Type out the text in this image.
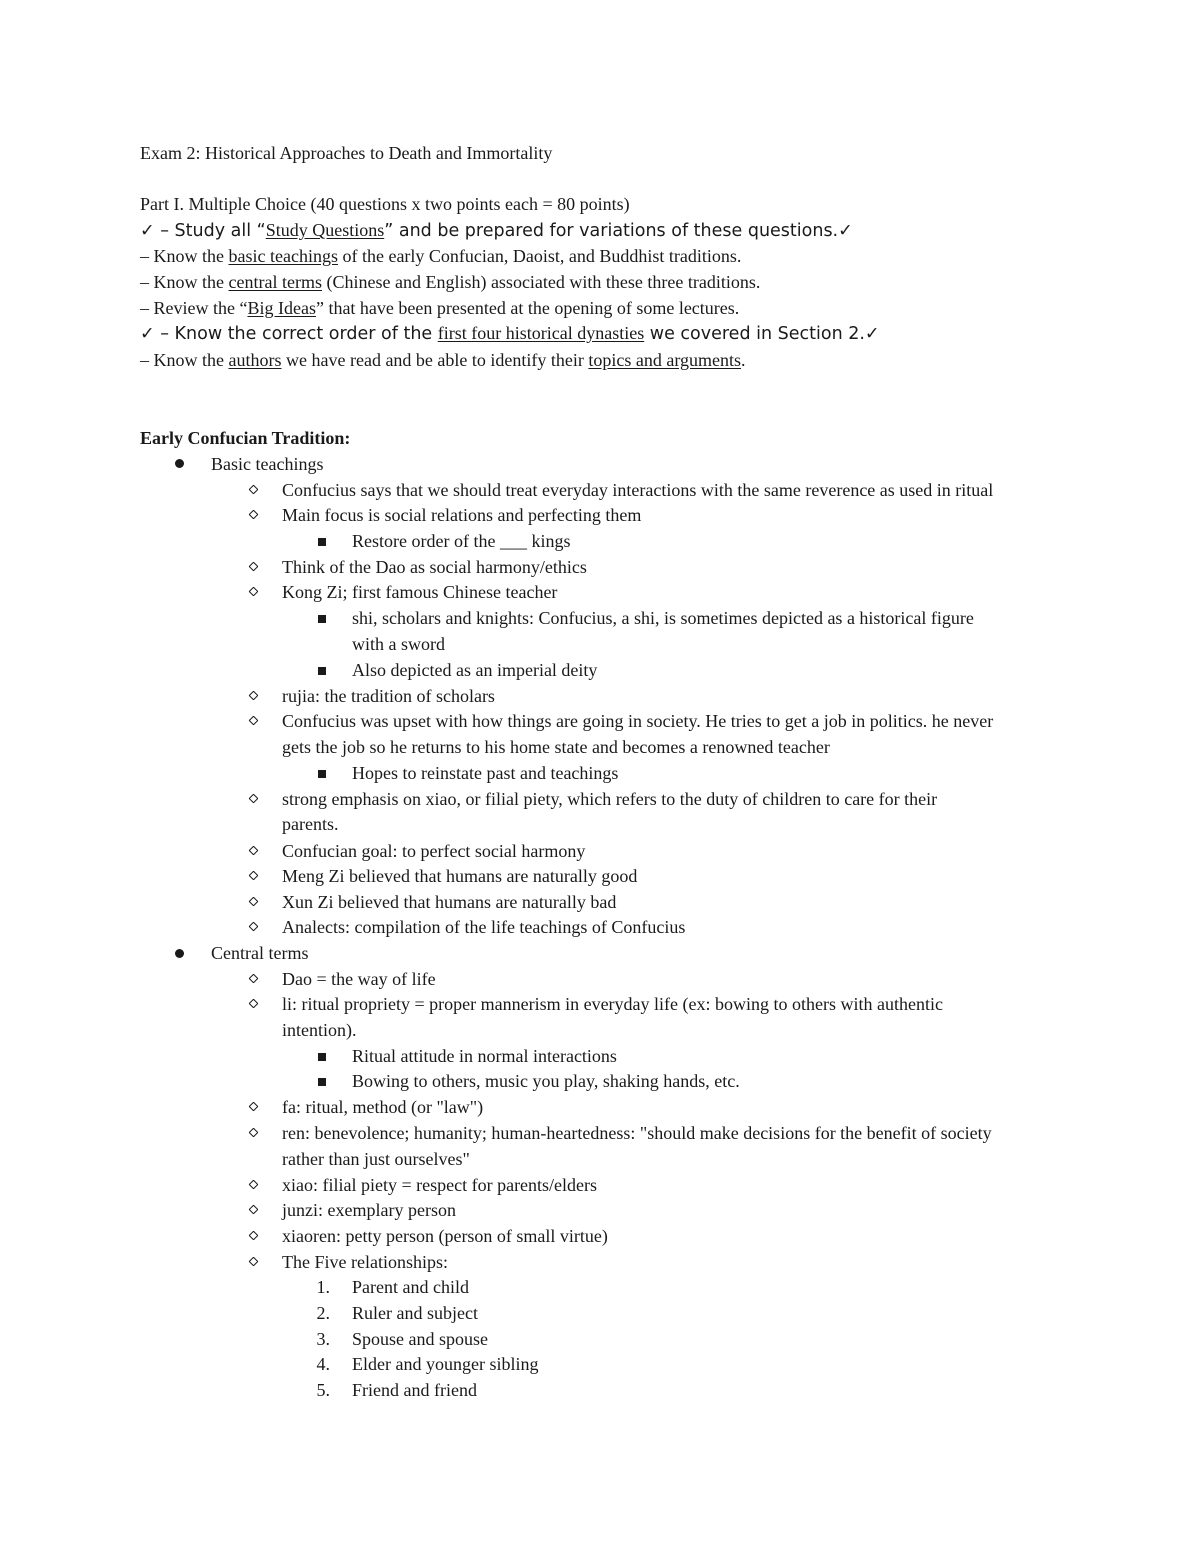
Exam 2: Historical Approaches to Death and Immortality
Part I. Multiple Choice (40 questions x two points each = 80 points)
✓ – Study all “Study Questions” and be prepared for variations of these questions.✓
– Know the basic teachings of the early Confucian, Daoist, and Buddhist traditions.
– Know the central terms (Chinese and English) associated with these three traditions.
– Review the “Big Ideas” that have been presented at the opening of some lectures.
✓ – Know the correct order of the first four historical dynasties we covered in Section 2.✓
– Know the authors we have read and be able to identify their topics and arguments.
Early Confucian Tradition:
Basic teachings
Confucius says that we should treat everyday interactions with the same reverence as used in ritual
Main focus is social relations and perfecting them
Restore order of the ___ kings
Think of the Dao as social harmony/ethics
Kong Zi; first famous Chinese teacher
shi, scholars and knights: Confucius, a shi, is sometimes depicted as a historical figure
with a sword
Also depicted as an imperial deity
rujia: the tradition of scholars
Confucius was upset with how things are going in society. He tries to get a job in politics. he never
gets the job so he returns to his home state and becomes a renowned teacher
Hopes to reinstate past and teachings
strong emphasis on xiao, or filial piety, which refers to the duty of children to care for their
parents.
Confucian goal: to perfect social harmony
Meng Zi believed that humans are naturally good
Xun Zi believed that humans are naturally bad
Analects: compilation of the life teachings of Confucius
Central terms
Dao = the way of life
li: ritual propriety = proper mannerism in everyday life (ex: bowing to others with authentic
intention).
Ritual attitude in normal interactions
Bowing to others, music you play, shaking hands, etc.
fa: ritual, method (or "law")
ren: benevolence; humanity; human-heartedness: "should make decisions for the benefit of society
rather than just ourselves"
xiao: filial piety = respect for parents/elders
junzi: exemplary person
xiaoren: petty person (person of small virtue)
The Five relationships:
1. Parent and child
2. Ruler and subject
3. Spouse and spouse
4. Elder and younger sibling
5. Friend and friend
